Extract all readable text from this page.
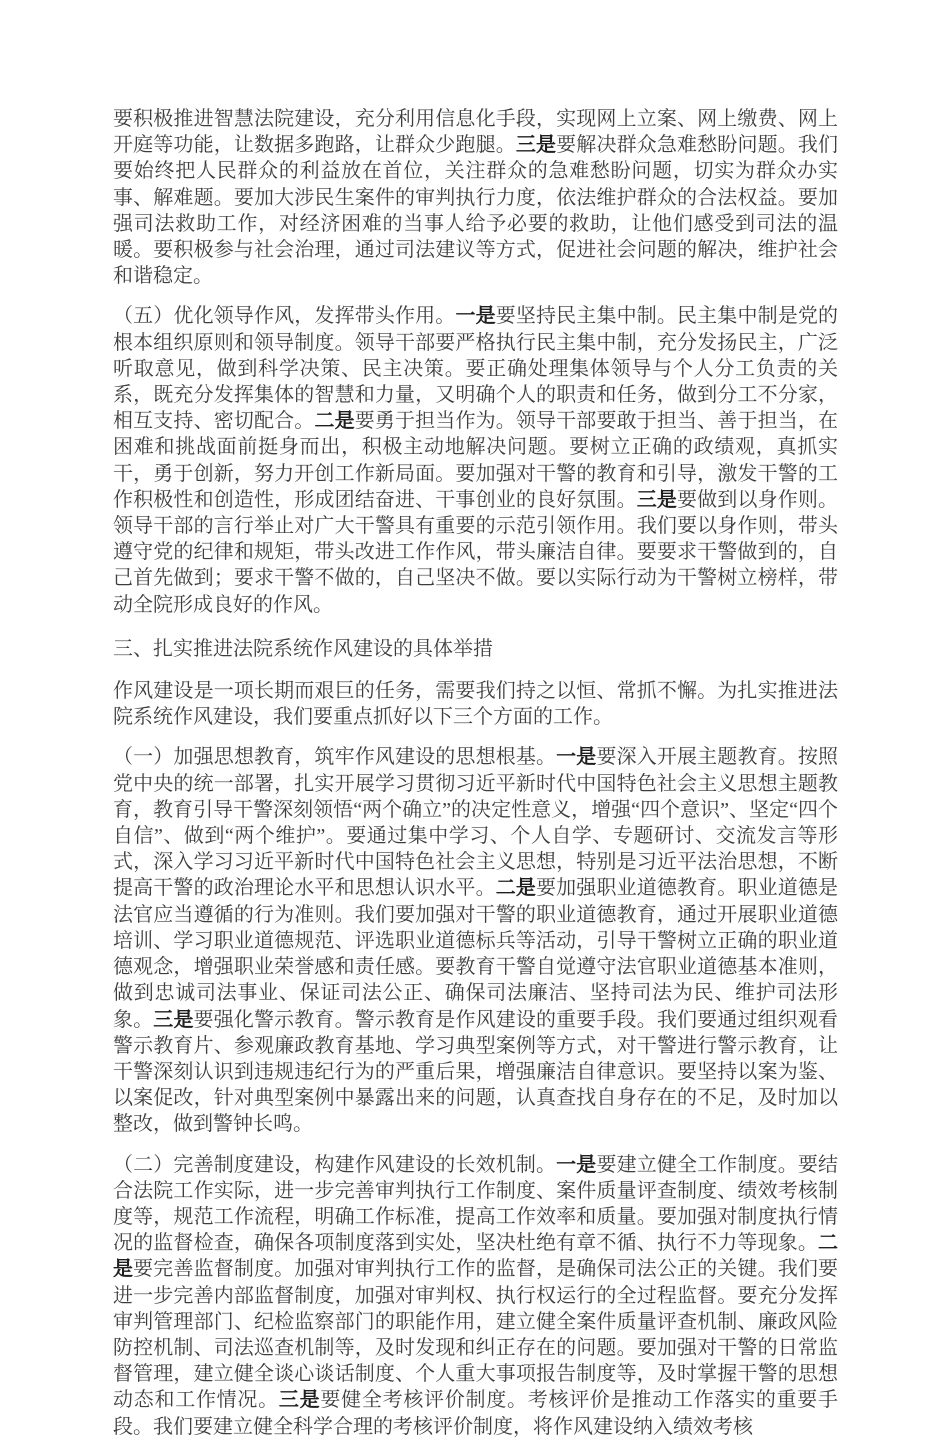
要积极推进智慧法院建设，充分利用信息化手段，实现网上立案、网上缴费、网上开庭等功能，让数据多跑路，让群众少跑腿。三是要解决群众急难愁盼问题。我们要始终把人民群众的利益放在首位，关注群众的急难愁盼问题，切实为群众办实事、解难题。要加大涉民生案件的审判执行力度，依法维护群众的合法权益。要加强司法救助工作，对经济困难的当事人给予必要的救助，让他们感受到司法的温暖。要积极参与社会治理，通过司法建议等方式，促进社会问题的解决，维护社会和谐稳定。

（五）优化领导作风，发挥带头作用。一是要坚持民主集中制。民主集中制是党的根本组织原则和领导制度。领导干部要严格执行民主集中制，充分发扬民主，广泛听取意见，做到科学决策、民主决策。要正确处理集体领导与个人分工负责的关系，既充分发挥集体的智慧和力量，又明确个人的职责和任务，做到分工不分家，相互支持、密切配合。二是要勇于担当作为。领导干部要敢于担当、善于担当，在困难和挑战面前挺身而出，积极主动地解决问题。要树立正确的政绩观，真抓实干，勇于创新，努力开创工作新局面。要加强对干警的教育和引导，激发干警的工作积极性和创造性，形成团结奋进、干事创业的良好氛围。三是要做到以身作则。领导干部的言行举止对广大干警具有重要的示范引领作用。我们要以身作则，带头遵守党的纪律和规矩，带头改进工作作风，带头廉洁自律。要要求干警做到的，自己首先做到；要求干警不做的，自己坚决不做。要以实际行动为干警树立榜样，带动全院形成良好的作风。

三、扎实推进法院系统作风建设的具体举措

作风建设是一项长期而艰巨的任务，需要我们持之以恒、常抓不懈。为扎实推进法院系统作风建设，我们要重点抓好以下三个方面的工作。

（一）加强思想教育，筑牢作风建设的思想根基。一是要深入开展主题教育。按照党中央的统一部署，扎实开展学习贯彻习近平新时代中国特色社会主义思想主题教育，教育引导干警深刻领悟“两个确立”的决定性意义，增强“四个意识”、坚定“四个自信”、做到“两个维护”。要通过集中学习、个人自学、专题研讨、交流发言等形式，深入学习习近平新时代中国特色社会主义思想，特别是习近平法治思想，不断提高干警的政治理论水平和思想认识水平。二是要加强职业道德教育。职业道德是法官应当遵循的行为准则。我们要加强对干警的职业道德教育，通过开展职业道德培训、学习职业道德规范、评选职业道德标兵等活动，引导干警树立正确的职业道德观念，增强职业荣誉感和责任感。要教育干警自觉遵守法官职业道德基本准则，做到忠诚司法事业、保证司法公正、确保司法廉洁、坚持司法为民、维护司法形象。三是要强化警示教育。警示教育是作风建设的重要手段。我们要通过组织观看警示教育片、参观廉政教育基地、学习典型案例等方式，对干警进行警示教育，让干警深刻认识到违规违纪行为的严重后果，增强廉洁自律意识。要坚持以案为鉴、以案促改，针对典型案例中暴露出来的问题，认真查找自身存在的不足，及时加以整改，做到警钟长鸣。

（二）完善制度建设，构建作风建设的长效机制。一是要建立健全工作制度。要结合法院工作实际，进一步完善审判执行工作制度、案件质量评查制度、绩效考核制度等，规范工作流程，明确工作标准，提高工作效率和质量。要加强对制度执行情况的监督检查，确保各项制度落到实处，坚决杜绝有章不循、执行不力等现象。二是要完善监督制度。加强对审判执行工作的监督，是确保司法公正的关键。我们要进一步完善内部监督制度，加强对审判权、执行权运行的全过程监督。要充分发挥审判管理部门、纪检监察部门的职能作用，建立健全案件质量评查机制、廉政风险防控机制、司法巡查机制等，及时发现和纠正存在的问题。要加强对干警的日常监督管理，建立健全谈心谈话制度、个人重大事项报告制度等，及时掌握干警的思想动态和工作情况。三是要健全考核评价制度。考核评价是推动工作落实的重要手段。我们要建立健全科学合理的考核评价制度，将作风建设纳入绩效考核
